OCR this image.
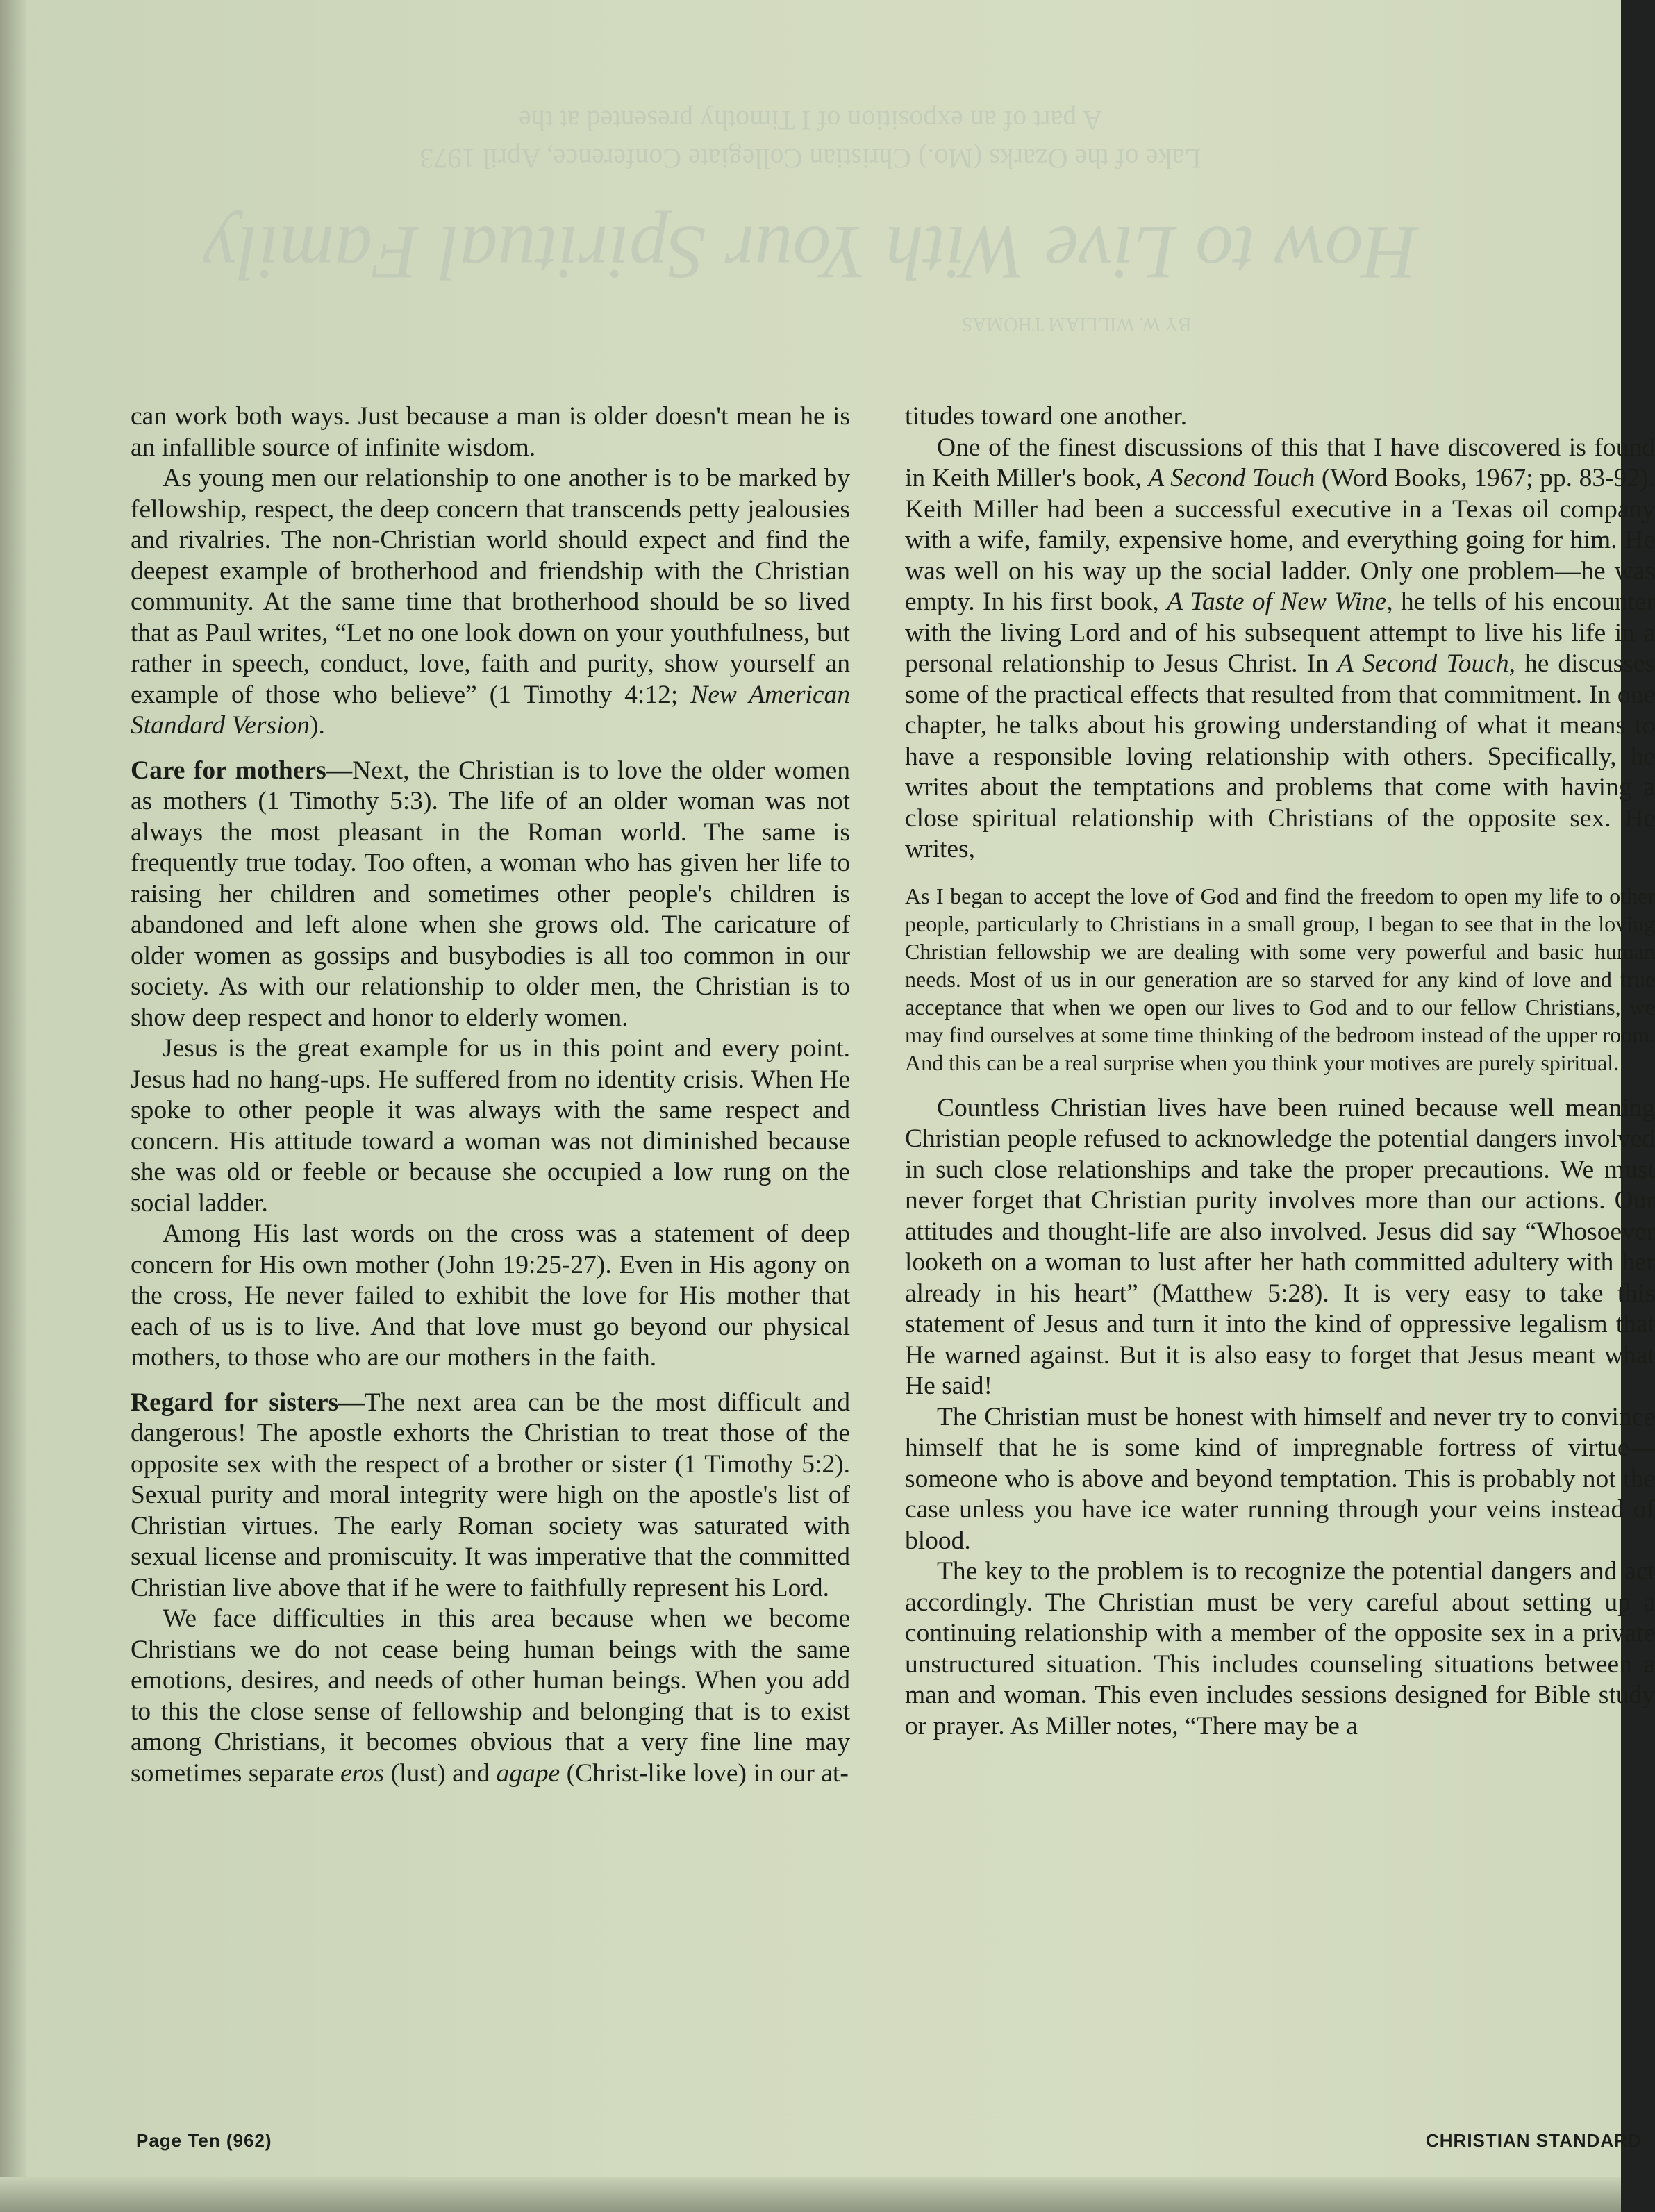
A part of an exposition of I Timothy presented at the
Lake of the Ozarks (Mo.) Christian Collegiate Conference, April 1973
How to Live With Your Spiritual Family
BY W. WILLIAM THOMAS

can work both ways. Just because a man is older doesn't mean he is an infallible source of infinite wisdom.

As young men our relationship to one another is to be marked by fellowship, respect, the deep concern that transcends petty jealousies and rivalries. The non-Christian world should expect and find the deepest example of brotherhood and friendship with the Christian community. At the same time that brotherhood should be so lived that as Paul writes, “Let no one look down on your youthfulness, but rather in speech, conduct, love, faith and purity, show yourself an example of those who believe” (1 Timothy 4:12; New American Standard Version).

Care for mothers—Next, the Christian is to love the older women as mothers (1 Timothy 5:3). The life of an older woman was not always the most pleasant in the Roman world. The same is frequently true today. Too often, a woman who has given her life to raising her children and sometimes other people's children is abandoned and left alone when she grows old. The caricature of older women as gossips and busybodies is all too common in our society. As with our relationship to older men, the Christian is to show deep respect and honor to elderly women.

Jesus is the great example for us in this point and every point. Jesus had no hang-ups. He suffered from no identity crisis. When He spoke to other people it was always with the same respect and concern. His attitude toward a woman was not diminished because she was old or feeble or because she occupied a low rung on the social ladder.

Among His last words on the cross was a statement of deep concern for His own mother (John 19:25-27). Even in His agony on the cross, He never failed to exhibit the love for His mother that each of us is to live. And that love must go beyond our physical mothers, to those who are our mothers in the faith.

Regard for sisters—The next area can be the most difficult and dangerous! The apostle exhorts the Christian to treat those of the opposite sex with the respect of a brother or sister (1 Timothy 5:2). Sexual purity and moral integrity were high on the apostle's list of Christian virtues. The early Roman society was saturated with sexual license and promiscuity. It was imperative that the committed Christian live above that if he were to faithfully represent his Lord.

We face difficulties in this area because when we become Christians we do not cease being human beings with the same emotions, desires, and needs of other human beings. When you add to this the close sense of fellowship and belonging that is to exist among Christians, it becomes obvious that a very fine line may sometimes separate eros (lust) and agape (Christ-like love) in our at-

titudes toward one another.

One of the finest discussions of this that I have discovered is found in Keith Miller's book, A Second Touch (Word Books, 1967; pp. 83-92). Keith Miller had been a successful executive in a Texas oil company with a wife, family, expensive home, and everything going for him. He was well on his way up the social ladder. Only one problem—he was empty. In his first book, A Taste of New Wine, he tells of his encounter with the living Lord and of his subsequent attempt to live his life in a personal relationship to Jesus Christ. In A Second Touch, he discusses some of the practical effects that resulted from that commitment. In one chapter, he talks about his growing understanding of what it means to have a responsible loving relationship with others. Specifically, he writes about the temptations and problems that come with having a close spiritual relationship with Christians of the opposite sex. He writes,

As I began to accept the love of God and find the freedom to open my life to other people, particularly to Christians in a small group, I began to see that in the loving Christian fellowship we are dealing with some very powerful and basic human needs. Most of us in our generation are so starved for any kind of love and true acceptance that when we open our lives to God and to our fellow Christians, we may find ourselves at some time thinking of the bedroom instead of the upper room. And this can be a real surprise when you think your motives are purely spiritual.

Countless Christian lives have been ruined because well meaning Christian people refused to acknowledge the potential dangers involved in such close relationships and take the proper precautions. We must never forget that Christian purity involves more than our actions. Our attitudes and thought-life are also involved. Jesus did say “Whosoever looketh on a woman to lust after her hath committed adultery with her already in his heart” (Matthew 5:28). It is very easy to take this statement of Jesus and turn it into the kind of oppressive legalism that He warned against. But it is also easy to forget that Jesus meant what He said!

The Christian must be honest with himself and never try to convince himself that he is some kind of impregnable fortress of virtue—someone who is above and beyond temptation. This is probably not the case unless you have ice water running through your veins instead of blood.

The key to the problem is to recognize the potential dangers and act accordingly. The Christian must be very careful about setting up a continuing relationship with a member of the opposite sex in a private unstructured situation. This includes counseling situations between a man and woman. This even includes sessions designed for Bible study or prayer. As Miller notes, “There may be a

Page Ten (962)	CHRISTIAN STANDARD
